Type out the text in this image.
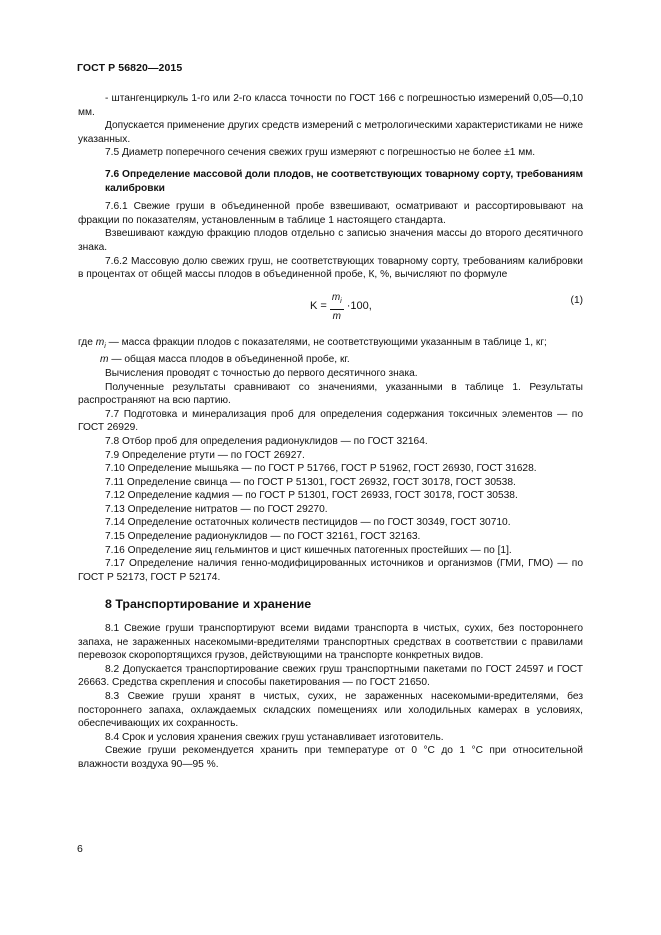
ГОСТ Р 56820—2015

- штангенциркуль 1-го или 2-го класса точности по ГОСТ 166 с погрешностью измерений 0,05—0,10 мм.

Допускается применение других средств измерений с метрологическими характеристиками не ниже указанных.

7.5 Диаметр поперечного сечения свежих груш измеряют с погрешностью не более ±1 мм.

7.6 Определение массовой доли плодов, не соответствующих товарному сорту, требованиям калибровки

7.6.1 Свежие груши в объединенной пробе взвешивают, осматривают и рассортировывают на фракции по показателям, установленным в таблице 1 настоящего стандарта.

Взвешивают каждую фракцию плодов отдельно с записью значения массы до второго десятичного знака.

7.6.2 Массовую долю свежих груш, не соответствующих товарному сорту, требованиям калибровки в процентах от общей массы плодов в объединенной пробе, К, %, вычисляют по формуле

$K = \frac{m_i}{m} \cdot 100$,
(1)

где $m_i$ — масса фракции плодов с показателями, не соответствующими указанным в таблице 1, кг;

m — общая масса плодов в объединенной пробе, кг.

Вычисления проводят с точностью до первого десятичного знака.

Полученные результаты сравнивают со значениями, указанными в таблице 1. Результаты распространяют на всю партию.

7.7 Подготовка и минерализация проб для определения содержания токсичных элементов — по ГОСТ 26929.

7.8 Отбор проб для определения радионуклидов — по ГОСТ 32164.

7.9 Определение ртути — по ГОСТ 26927.

7.10 Определение мышьяка — по ГОСТ Р 51766, ГОСТ Р 51962, ГОСТ 26930, ГОСТ 31628.

7.11 Определение свинца — по ГОСТ Р 51301, ГОСТ 26932, ГОСТ 30178, ГОСТ 30538.

7.12 Определение кадмия — по ГОСТ Р 51301, ГОСТ 26933, ГОСТ 30178, ГОСТ 30538.

7.13 Определение нитратов — по ГОСТ 29270.

7.14 Определение остаточных количеств пестицидов — по ГОСТ 30349, ГОСТ 30710.

7.15 Определение радионуклидов — по ГОСТ 32161, ГОСТ 32163.

7.16 Определение яиц гельминтов и цист кишечных патогенных простейших — по [1].

7.17 Определение наличия генно-модифицированных источников и организмов (ГМИ, ГМО) — по ГОСТ Р 52173, ГОСТ Р 52174.

8 Транспортирование и хранение

8.1 Свежие груши транспортируют всеми видами транспорта в чистых, сухих, без постороннего запаха, не зараженных насекомыми-вредителями транспортных средствах в соответствии с правилами перевозок скоропортящихся грузов, действующими на транспорте конкретных видов.

8.2 Допускается транспортирование свежих груш транспортными пакетами по ГОСТ 24597 и ГОСТ 26663. Средства скрепления и способы пакетирования — по ГОСТ 21650.

8.3 Свежие груши хранят в чистых, сухих, не зараженных насекомыми-вредителями, без постороннего запаха, охлаждаемых складских помещениях или холодильных камерах в условиях, обеспечивающих их сохранность.

8.4 Срок и условия хранения свежих груш устанавливает изготовитель.

Свежие груши рекомендуется хранить при температуре от 0 °С до 1 °С при относительной влажности воздуха 90—95 %.

6
